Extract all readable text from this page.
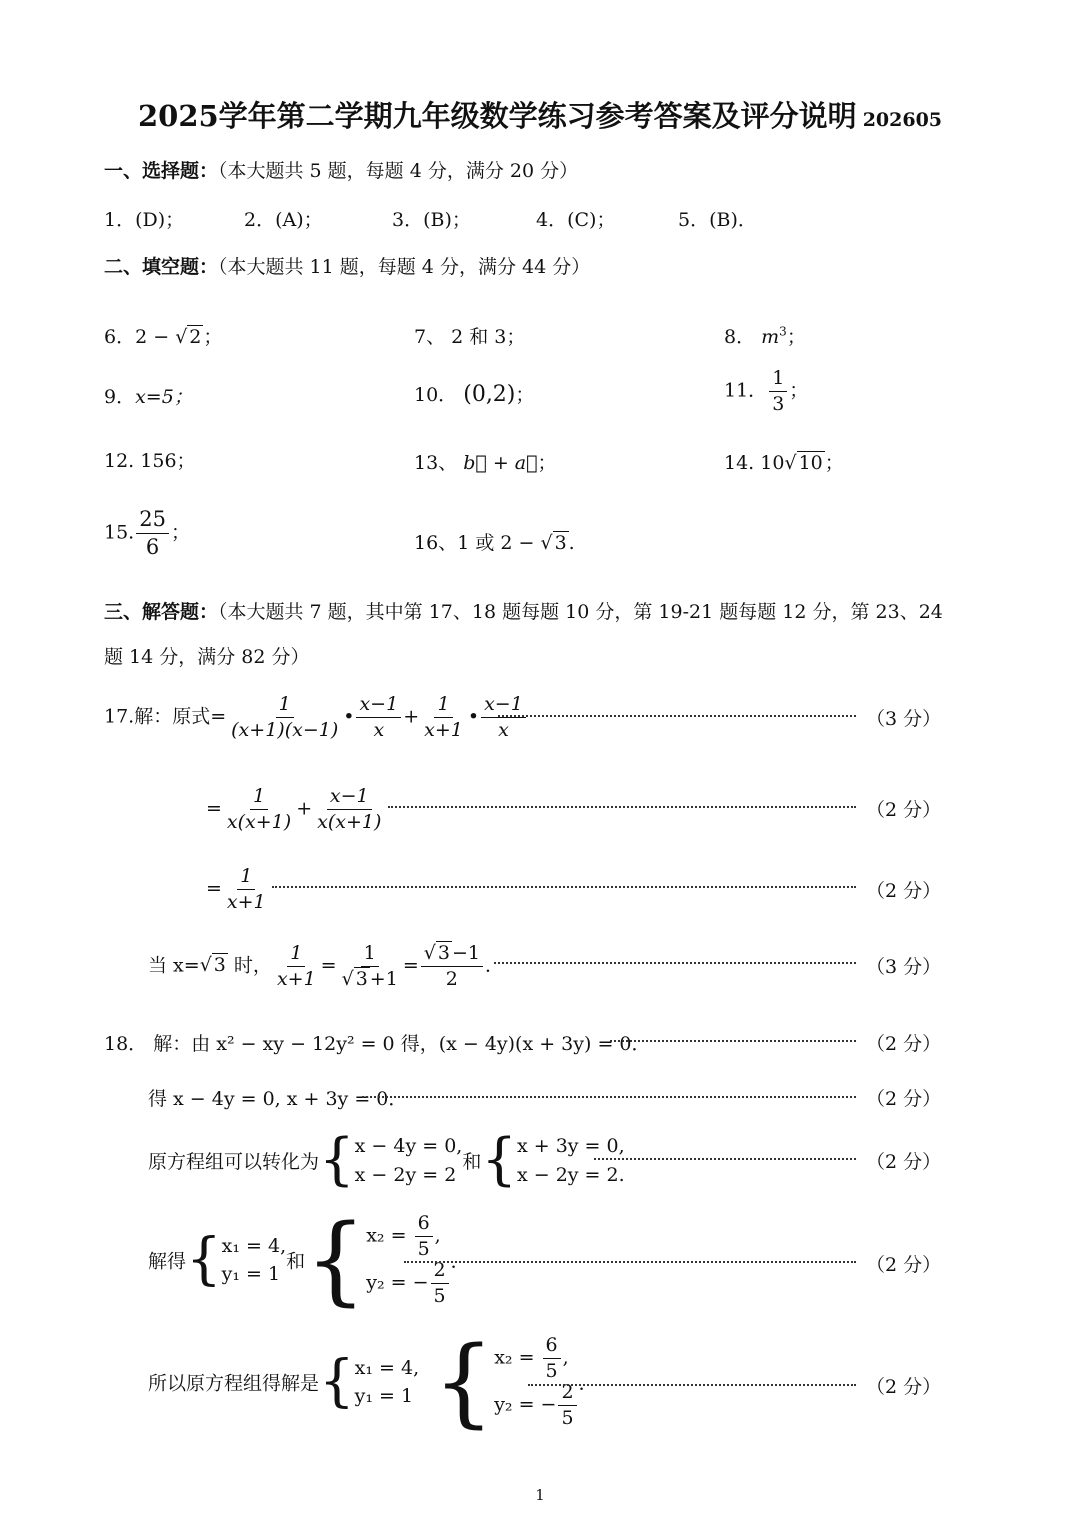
2025学年第二学期九年级数学练习参考答案及评分说明 202605
一、选择题：（本大题共 5 题，每题 4 分，满分 20 分）
1．(D)；	2．(A)；	3．(B)；	4．(C)；	5．(B)．
二、填空题：（本大题共 11 题，每题 4 分，满分 44 分）
6．2 − √ 2 ；	7、 2 和 3；	8． $m^3$；
9．x=5；	10． (0,2)；	11． $\frac{1}{3}$ ；
12. 156；	13、 b⃗ + a⃗；	14. 10√ 10 ；
15. $\frac{25}{6}$ ；	16、1 或 2 − √ 3 .
三、解答题：（本大题共 7 题，其中第 17、18 题每题 10 分，第 19-21 题每题 12 分，第 23、24
题 14 分，满分 82 分）
17.解：原式= $\frac{1}{(x+1)(x-1)}$ • $\frac{x-1}{x} + \frac{1}{x+1}$ • $\frac{x-1}{x}$	（3 分）
= $\frac{1}{x(x+1)} + \frac{x-1}{x(x+1)}$	（2 分）
= $\frac{1}{x+1}$	（2 分）
当 x=√ 3 时， $\frac{1}{x+1} = \frac{1}{√ 3 +1} = \frac{√ 3 -1}{2}$ ．	（3 分）
18． 解：由 x² − xy − 12y² = 0 得，(x − 4y)(x + 3y) = 0．	（2 分）
得 x − 4y = 0, x + 3y = 0．	（2 分）
原方程组可以转化为{ x − 4y = 0,
x − 2y = 2
和{ x + 3y = 0,
x − 2y = 2.
（2 分）
解得{ x₁ = 4,
y₁ = 1
和{ $x_2 = \frac{6}{5}$ ,
y₂ = − $\frac{2}{5}$ ．	（2 分）
所以原方程组得解是{ x₁ = 4,
y₁ = 1 { $x_2 = \frac{6}{5}$ ,
y₂ = − $\frac{2}{5}$ ．	（2 分）
1
